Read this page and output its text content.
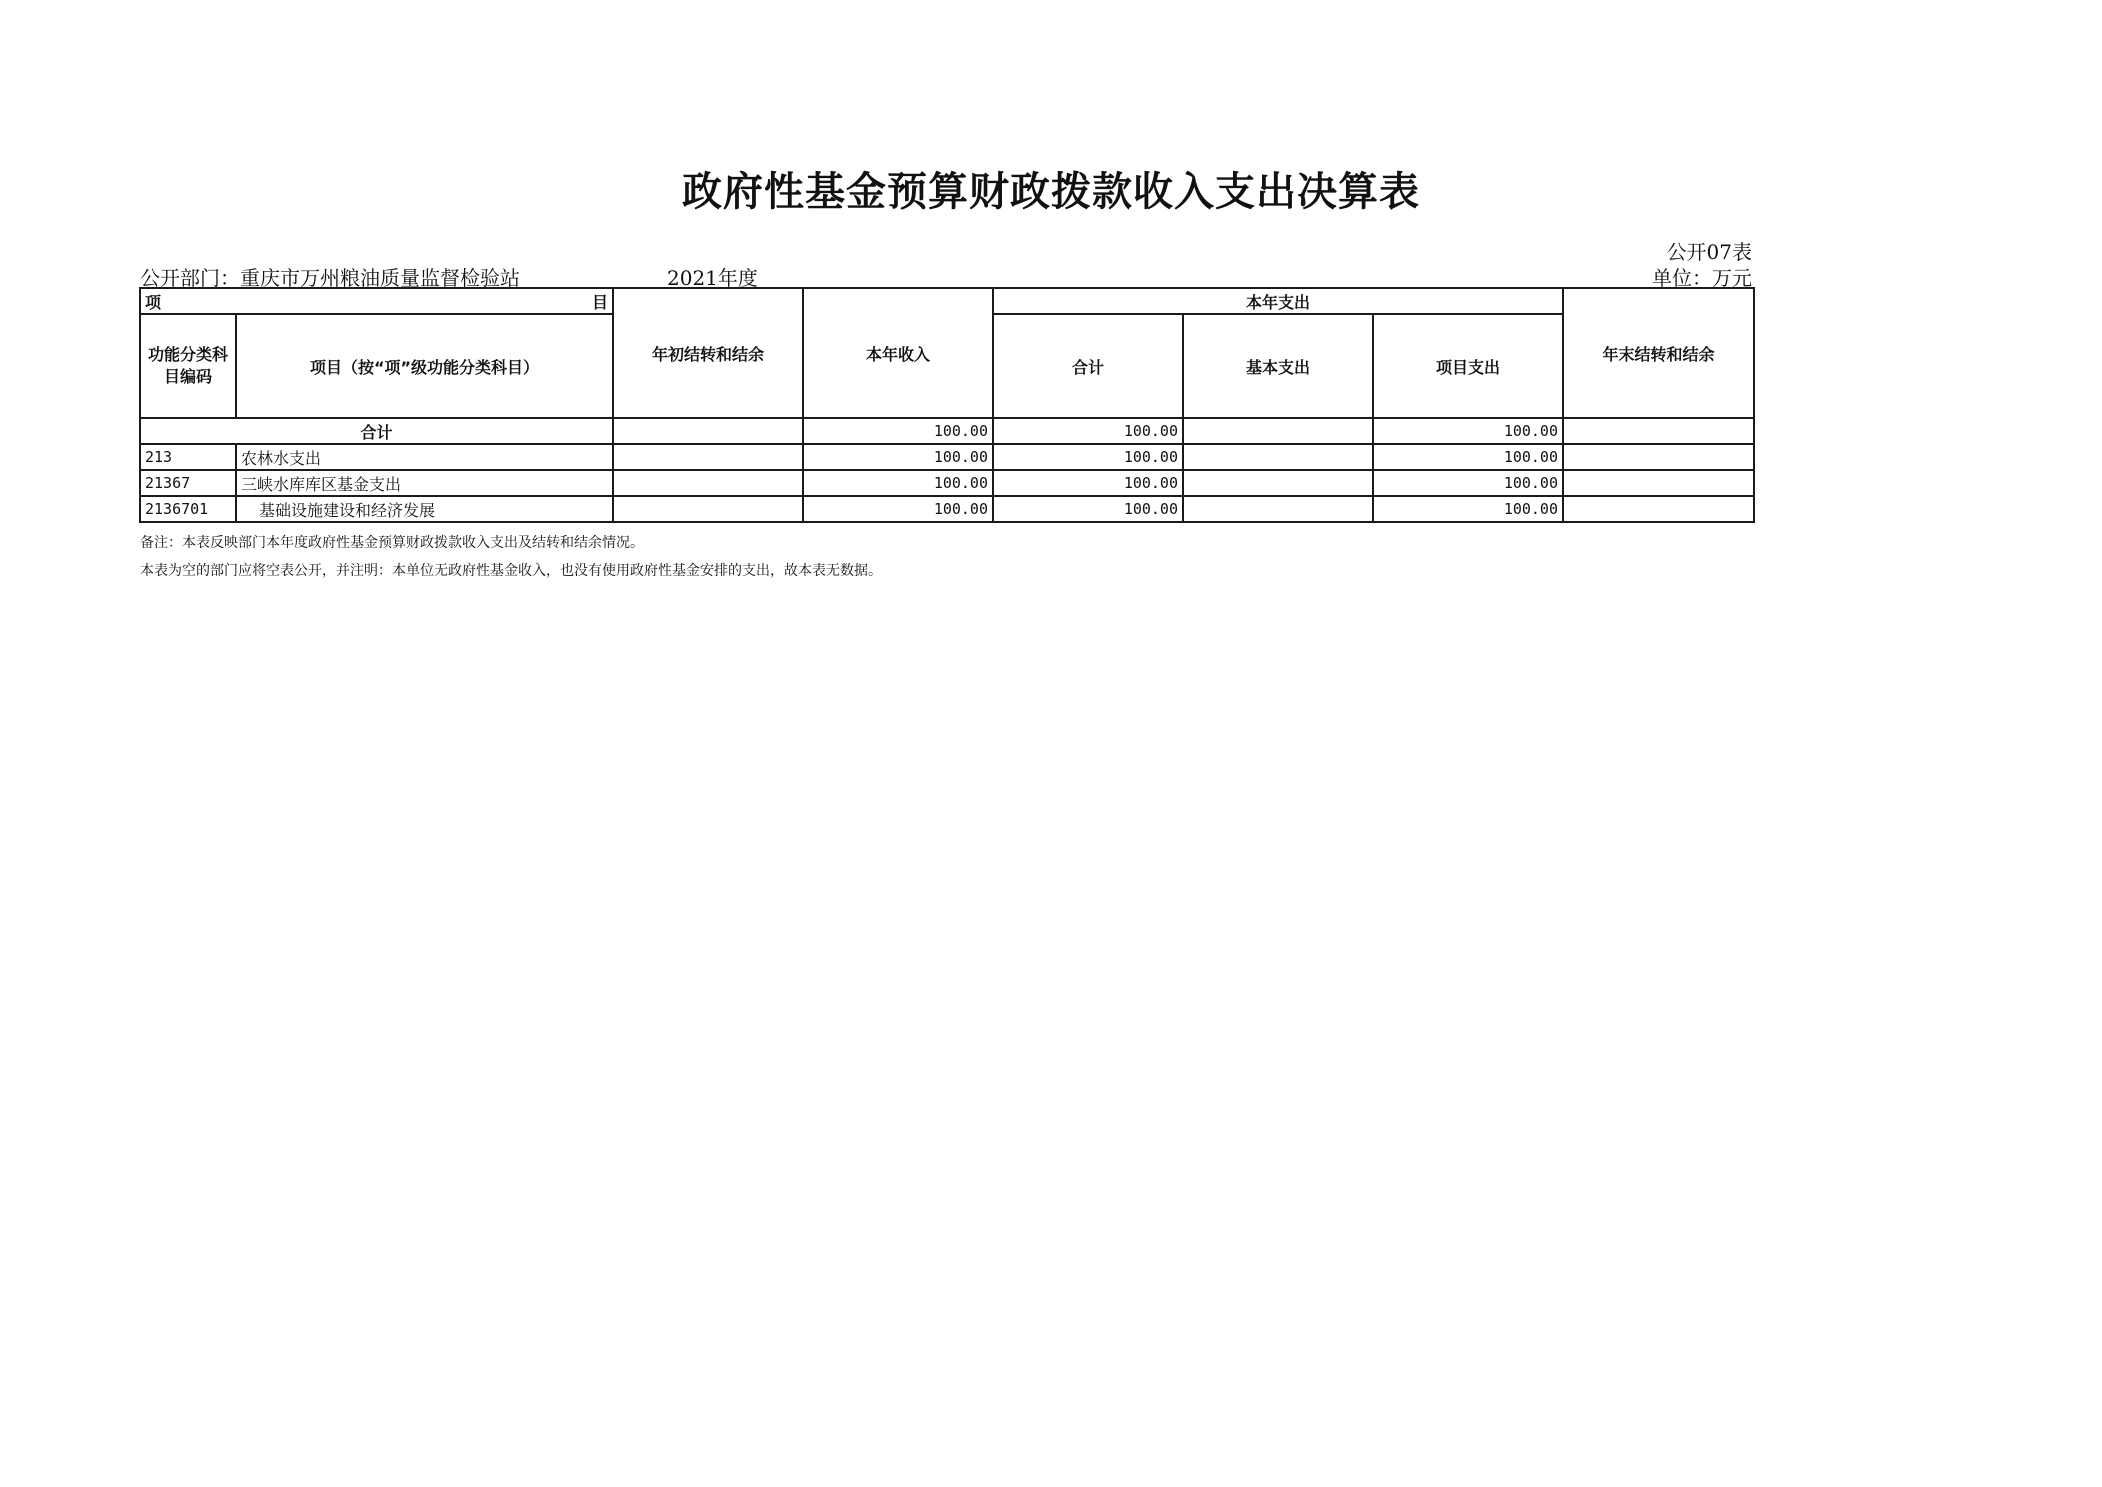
政府性基金预算财政拨款收入支出决算表
公开07表
公开部门：重庆市万州粮油质量监督检验站	2021年度	单位：万元
项 目		年初结转和结余	本年收入	本年支出			年末结转和结余
功能分类科目编码	项目（按“项”级功能分类科目）			合计	基本支出	项目支出	
合计			100.00	100.00		100.00	
213	农林水支出		100.00	100.00		100.00	
21367	三峡水库库区基金支出		100.00	100.00		100.00	
2136701	基础设施建设和经济发展		100.00	100.00		100.00	
备注：本表反映部门本年度政府性基金预算财政拨款收入支出及结转和结余情况。
本表为空的部门应将空表公开，并注明：本单位无政府性基金收入，也没有使用政府性基金安排的支出，故本表无数据。
